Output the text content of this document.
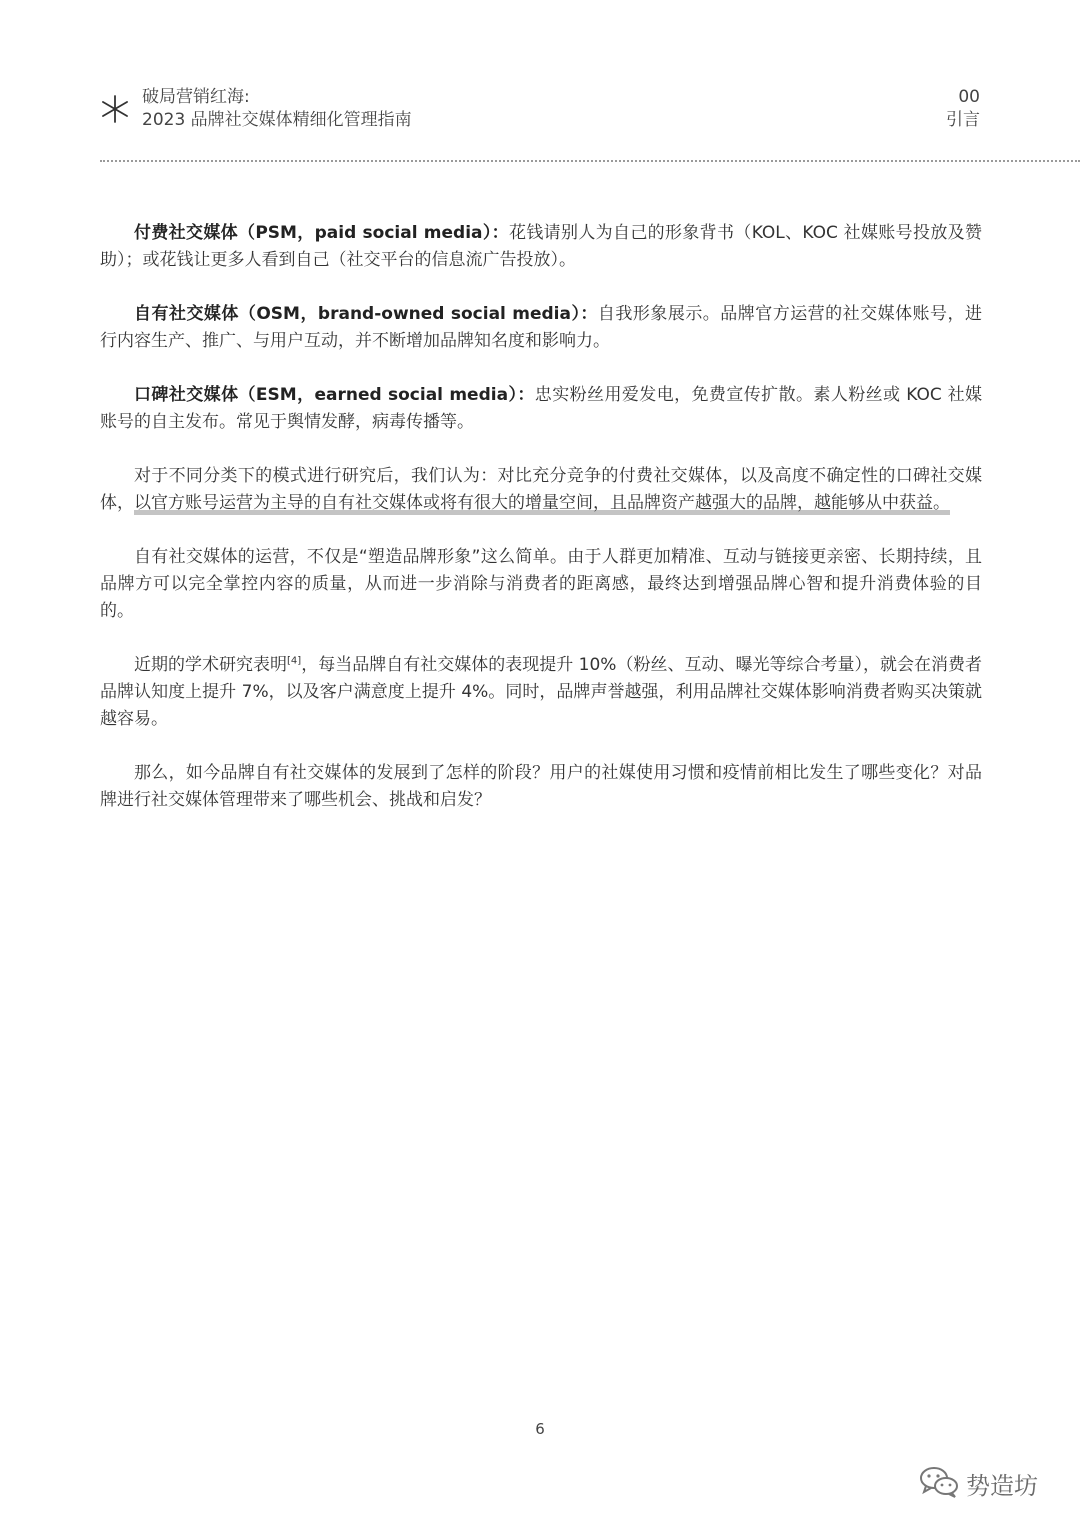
破局营销红海:
2023 品牌社交媒体精细化管理指南
00
引言

付费社交媒体（PSM，paid social media）：花钱请别人为自己的形象背书（KOL、KOC 社媒账号投放及赞助）；或花钱让更多人看到自己（社交平台的信息流广告投放）。

自有社交媒体（OSM，brand-owned social media）：自我形象展示。品牌官方运营的社交媒体账号，进行内容生产、推广、与用户互动，并不断增加品牌知名度和影响力。

口碑社交媒体（ESM，earned social media）：忠实粉丝用爱发电，免费宣传扩散。素人粉丝或 KOC 社媒账号的自主发布。常见于舆情发酵，病毒传播等。

对于不同分类下的模式进行研究后，我们认为：对比充分竞争的付费社交媒体，以及高度不确定性的口碑社交媒体，以官方账号运营为主导的自有社交媒体或将有很大的增量空间，且品牌资产越强大的品牌，越能够从中获益。

自有社交媒体的运营，不仅是“塑造品牌形象”这么简单。由于人群更加精准、互动与链接更亲密、长期持续，且品牌方可以完全掌控内容的质量，从而进一步消除与消费者的距离感，最终达到增强品牌心智和提升消费体验的目的。

近期的学术研究表明[4]，每当品牌自有社交媒体的表现提升 10%（粉丝、互动、曝光等综合考量），就会在消费者品牌认知度上提升 7%，以及客户满意度上提升 4%。同时，品牌声誉越强，利用品牌社交媒体影响消费者购买决策就越容易。

那么，如今品牌自有社交媒体的发展到了怎样的阶段？用户的社媒使用习惯和疫情前相比发生了哪些变化？对品牌进行社交媒体管理带来了哪些机会、挑战和启发？

6
势造坊
